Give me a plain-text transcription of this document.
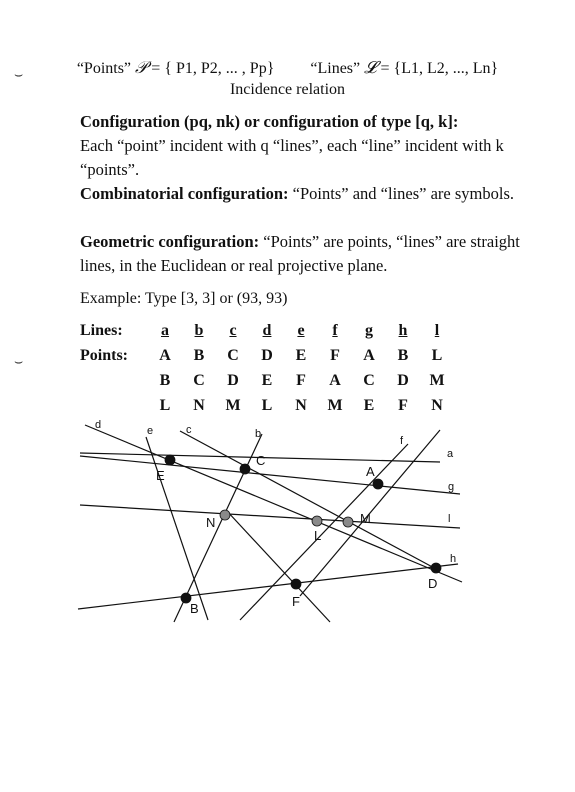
⌣
⌣
“Points” 𝒫 = { P1, P2, ... , Pp} “Lines” 𝓛 = {L1, L2, ..., Ln}
Incidence relation

Configuration (pq, nk) or configuration of type [q, k]:
Each “point” incident with q “lines”, each “line” incident with k “points”.

Combinatorial configuration: “Points” and “lines” are symbols.

Geometric configuration: “Points” are points, “lines” are straight lines, in the Euclidean or real projective plane.

Example: Type [3, 3] or (93, 93)
Lines:	a	b	c	d	e	f	g	h	l
Points:	A	B	C	D	E	F	A	B	L
	B	C	D	E	F	A	C	D	M
	L	N	M	L	N	M	E	F	N
d	e	c	b
f
a
g
l
h
E
C
A
N
L
M
D
B	F
